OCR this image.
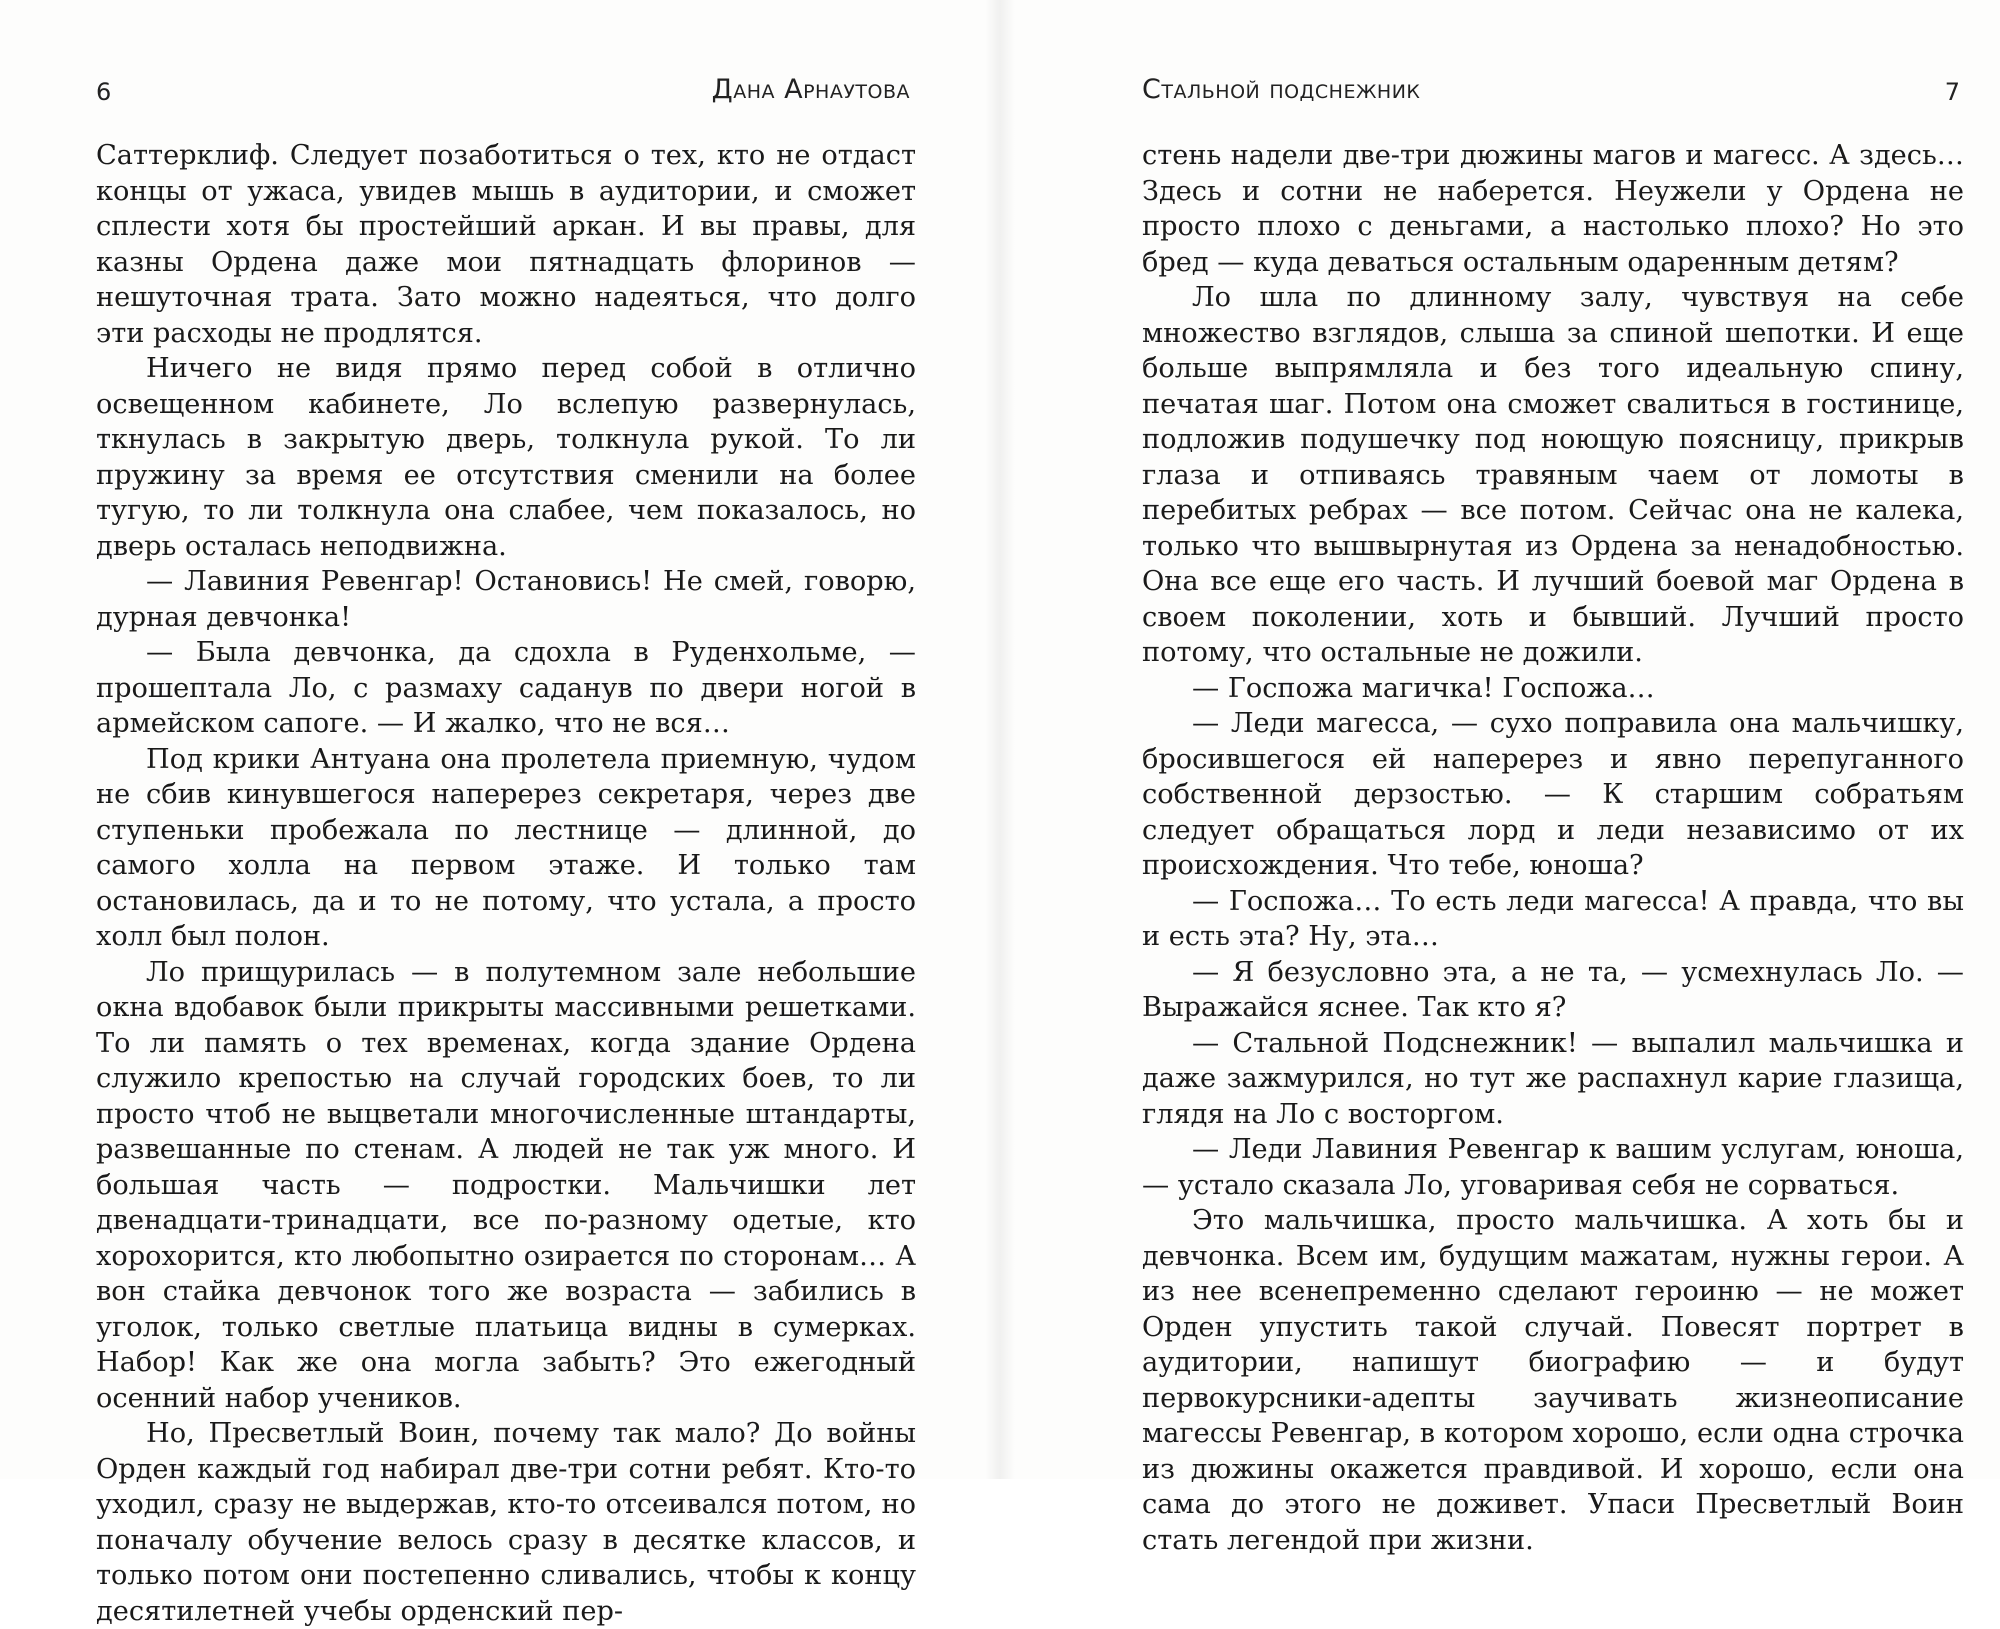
6	Дана Арнаутова

Саттерклиф. Следует позаботиться о тех, кто не отдаст концы от ужаса, увидев мышь в аудитории, и сможет сплести хотя бы простейший аркан. И вы правы, для казны Ордена даже мои пятнадцать флоринов — нешуточная трата. Зато можно надеяться, что долго эти расходы не продлятся.

Ничего не видя прямо перед собой в отлично освещенном кабинете, Ло вслепую развернулась, ткнулась в закрытую дверь, толкнула рукой. То ли пружину за время ее отсутствия сменили на более тугую, то ли толкнула она слабее, чем показалось, но дверь осталась неподвижна.

— Лавиния Ревенгар! Остановись! Не смей, говорю, дурная девчонка!

— Была девчонка, да сдохла в Руденхольме, — прошептала Ло, с размаху саданув по двери ногой в армейском сапоге. — И жалко, что не вся…

Под крики Антуана она пролетела приемную, чудом не сбив кинувшегося наперерез секретаря, через две ступеньки пробежала по лестнице — длинной, до самого холла на первом этаже. И только там остановилась, да и то не потому, что устала, а просто холл был полон.

Ло прищурилась — в полутемном зале небольшие окна вдобавок были прикрыты массивными решетками. То ли память о тех временах, когда здание Ордена служило крепостью на случай городских боев, то ли просто чтоб не выцветали многочисленные штандарты, развешанные по стенам. А людей не так уж много. И большая часть — подростки. Мальчишки лет двенадцати-тринадцати, все по-разному одетые, кто хорохорится, кто любопытно озирается по сторонам… А вон стайка девчонок того же возраста — забились в уголок, только светлые платьица видны в сумерках. Набор! Как же она могла забыть? Это ежегодный осенний набор учеников.

Но, Пресветлый Воин, почему так мало? До войны Орден каждый год набирал две-три сотни ребят. Кто-то уходил, сразу не выдержав, кто-то отсеивался потом, но поначалу обучение велось сразу в десятке классов, и только потом они постепенно сливались, чтобы к концу десятилетней учебы орденский пер-

Стальной подснежник	7

стень надели две-три дюжины магов и магесс. А здесь… Здесь и сотни не наберется. Неужели у Ордена не просто плохо с деньгами, а настолько плохо? Но это бред — куда деваться остальным одаренным детям?

Ло шла по длинному залу, чувствуя на себе множество взглядов, слыша за спиной шепотки. И еще больше выпрямляла и без того идеальную спину, печатая шаг. Потом она сможет свалиться в гостинице, подложив подушечку под ноющую поясницу, прикрыв глаза и отпиваясь травяным чаем от ломоты в перебитых ребрах — все потом. Сейчас она не калека, только что вышвырнутая из Ордена за ненадобностью. Она все еще его часть. И лучший боевой маг Ордена в своем поколении, хоть и бывший. Лучший просто потому, что остальные не дожили.

— Госпожа магичка! Госпожа…

— Леди магесса, — сухо поправила она мальчишку, бросившегося ей наперерез и явно перепуганного собственной дерзостью. — К старшим собратьям следует обращаться лорд и леди независимо от их происхождения. Что тебе, юноша?

— Госпожа… То есть леди магесса! А правда, что вы и есть эта? Ну, эта…

— Я безусловно эта, а не та, — усмехнулась Ло. — Выражайся яснее. Так кто я?

— Стальной Подснежник! — выпалил мальчишка и даже зажмурился, но тут же распахнул карие глазища, глядя на Ло с восторгом.

— Леди Лавиния Ревенгар к вашим услугам, юноша, — устало сказала Ло, уговаривая себя не сорваться.

Это мальчишка, просто мальчишка. А хоть бы и девчонка. Всем им, будущим мажатам, нужны герои. А из нее всенепременно сделают героиню — не может Орден упустить такой случай. Повесят портрет в аудитории, напишут биографию — и будут первокурсники-адепты заучивать жизнеописание магессы Ревенгар, в котором хорошо, если одна строчка из дюжины окажется правдивой. И хорошо, если она сама до этого не доживет. Упаси Пресветлый Воин стать легендой при жизни.
